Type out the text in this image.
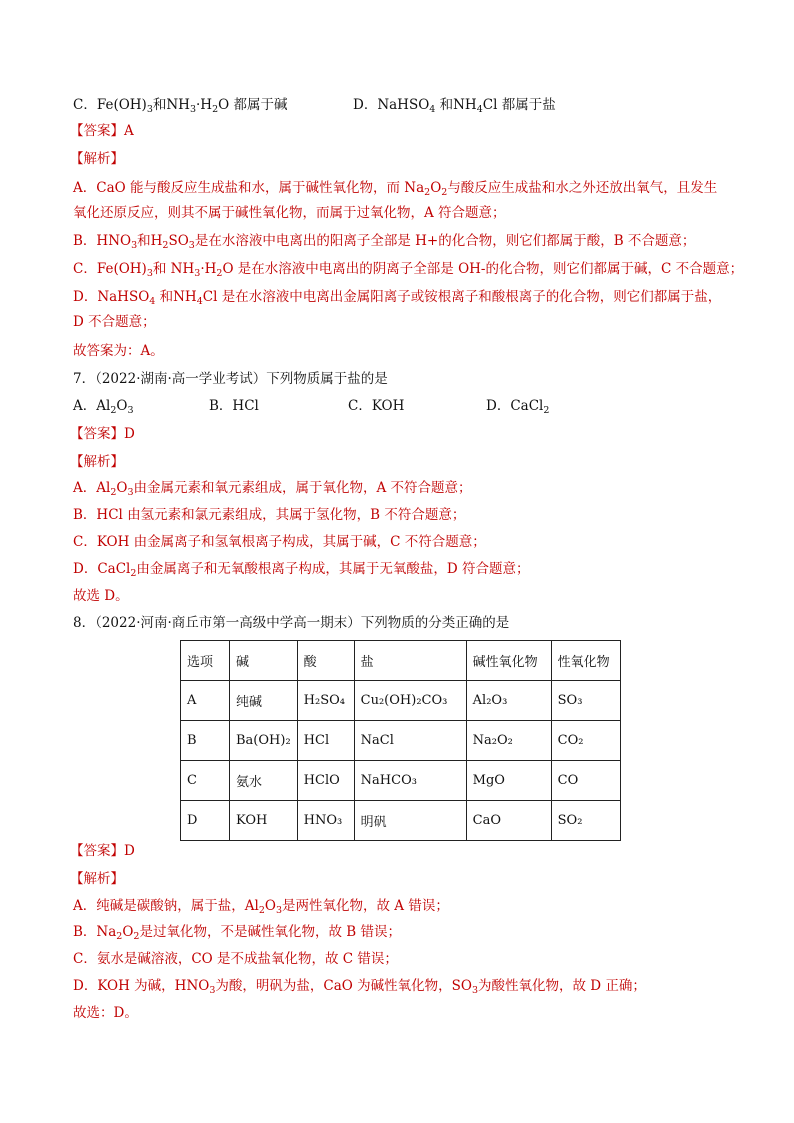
C．$Fe(OH)_3$和$NH_3\cdot H_2O$ 都属于碱	D．NaHSO$_4$ 和$NH_4Cl$ 都属于盐
【答案】A
【解析】
A．CaO 能与酸反应生成盐和水，属于碱性氧化物，而 $Na_2O_2$与酸反应生成盐和水之外还放出氧气，且发生
氧化还原反应，则其不属于碱性氧化物，而属于过氧化物，A 符合题意；
B．$HNO_3$和$H_2SO_3$是在水溶液中电离出的阳离子全部是 H+的化合物，则它们都属于酸，B 不合题意；
C．$Fe(OH)_3$和 $NH_3\cdot H_2O$ 是在水溶液中电离出的阴离子全部是 OH-的化合物，则它们都属于碱，C 不合题意；
D．NaHSO$_4$ 和$NH_4Cl$ 是在水溶液中电离出金属阳离子或铵根离子和酸根离子的化合物，则它们都属于盐，
D 不合题意；
故答案为：A。
7．（2022·湖南·高一学业考试）下列物质属于盐的是
A．$Al_2O_3$	B．HCl	C．KOH	D．CaCl$_2$
【答案】D
【解析】
A．$Al_2O_3$由金属元素和氧元素组成，属于氧化物，A 不符合题意；
B．HCl 由氢元素和氯元素组成，其属于氢化物，B 不符合题意；
C．KOH 由金属离子和氢氧根离子构成，其属于碱，C 不符合题意；
D．CaCl$_2$由金属离子和无氧酸根离子构成，其属于无氧酸盐，D 符合题意；
故选 D。
8．（2022·河南·商丘市第一高级中学高一期末）下列物质的分类正确的是
选项	碱	酸	盐	碱性氧化物	性氧化物
A	纯碱	H₂SO₄	Cu₂(OH)₂CO₃	Al₂O₃	SO₃
B	Ba(OH)₂	HCl	NaCl	Na₂O₂	CO₂
C	氨水	HClO	NaHCO₃	MgO	CO
D	KOH	HNO₃	明矾	CaO	SO₂
【答案】D
【解析】
A．纯碱是碳酸钠，属于盐，$Al_2O_3$是两性氧化物，故 A 错误；
B．$Na_2O_2$是过氧化物，不是碱性氧化物，故 B 错误；
C．氨水是碱溶液，CO 是不成盐氧化物，故 C 错误；
D．KOH 为碱，$HNO_3$为酸，明矾为盐，CaO 为碱性氧化物，$SO_3$为酸性氧化物，故 D 正确；
故选：D。
